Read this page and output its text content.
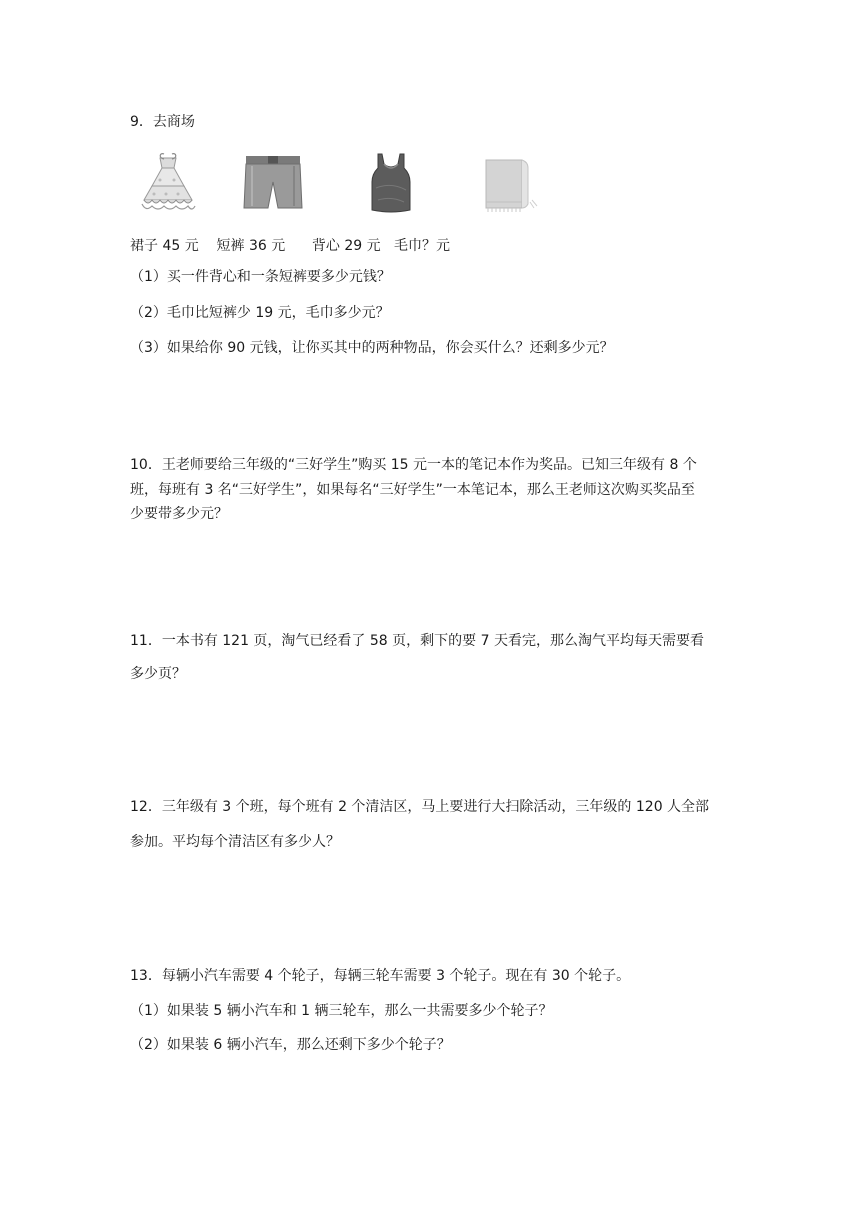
9．去商场
裙子 45 元    短裤 36 元      背心 29 元   毛巾？元
（1）买一件背心和一条短裤要多少元钱？
（2）毛巾比短裤少 19 元，毛巾多少元？
（3）如果给你 90 元钱，让你买其中的两种物品，你会买什么？还剩多少元？
10．王老师要给三年级的“三好学生”购买 15 元一本的笔记本作为奖品。已知三年级有 8 个
班，每班有 3 名“三好学生”，如果每名“三好学生”一本笔记本，那么王老师这次购买奖品至
少要带多少元？
11．一本书有 121 页，淘气已经看了 58 页，剩下的要 7 天看完，那么淘气平均每天需要看
多少页？
12．三年级有 3 个班，每个班有 2 个清洁区，马上要进行大扫除活动，三年级的 120 人全部
参加。平均每个清洁区有多少人？
13．每辆小汽车需要 4 个轮子，每辆三轮车需要 3 个轮子。现在有 30 个轮子。
（1）如果装 5 辆小汽车和 1 辆三轮车，那么一共需要多少个轮子？
（2）如果装 6 辆小汽车，那么还剩下多少个轮子？
